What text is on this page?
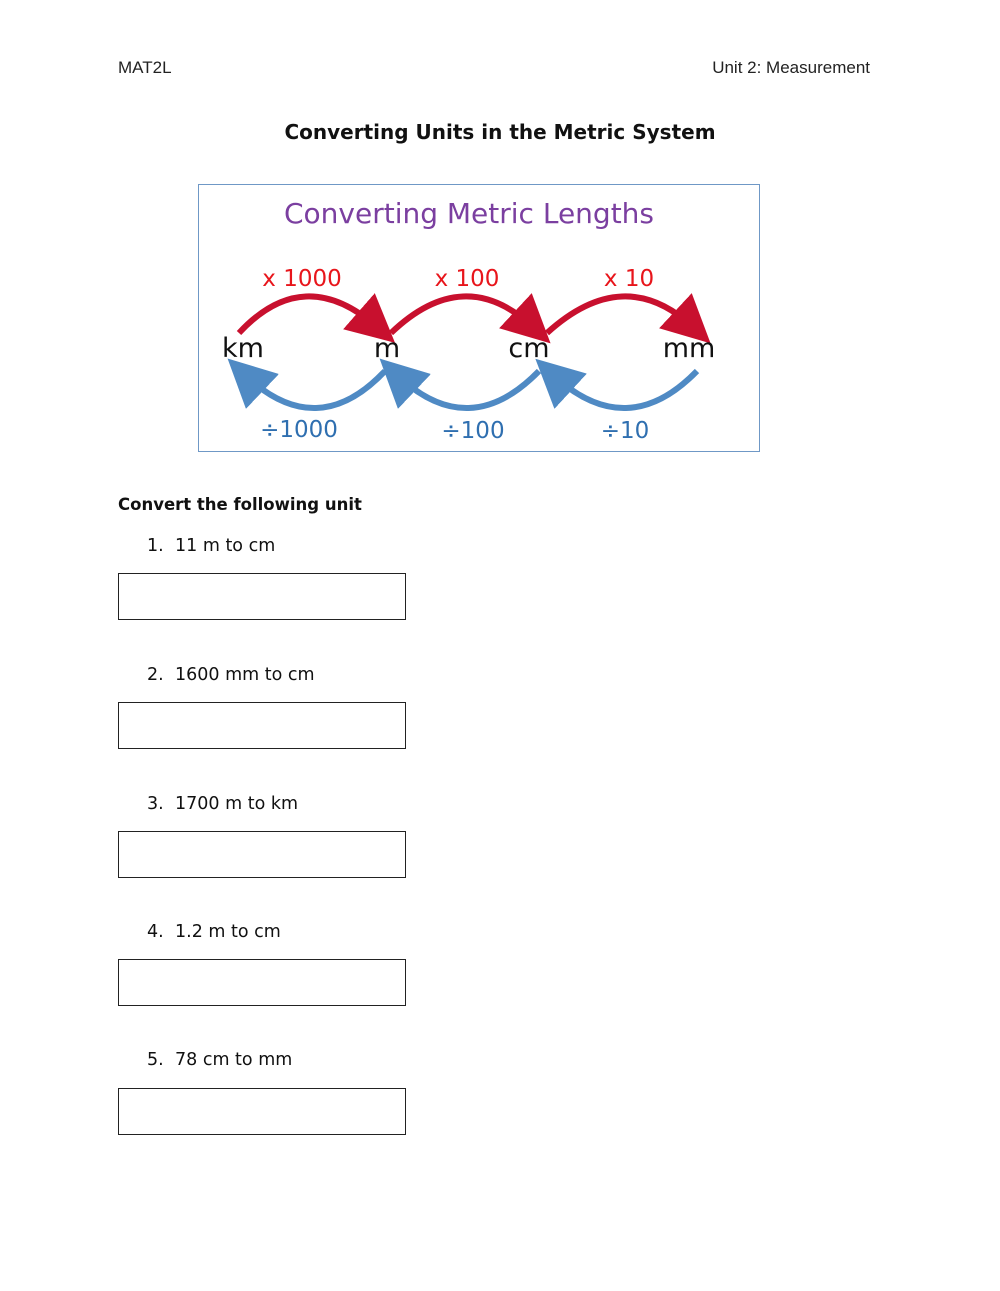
MAT2L	Unit 2: Measurement
Converting Units in the Metric System
Converting Metric Lengths
x 1000	x 100	x 10
km	m	cm	mm
÷1000	÷100	÷10
Convert the following unit
1. 11 m to cm
2. 1600 mm to cm
3. 1700 m to km
4. 1.2 m to cm
5. 78 cm to mm
